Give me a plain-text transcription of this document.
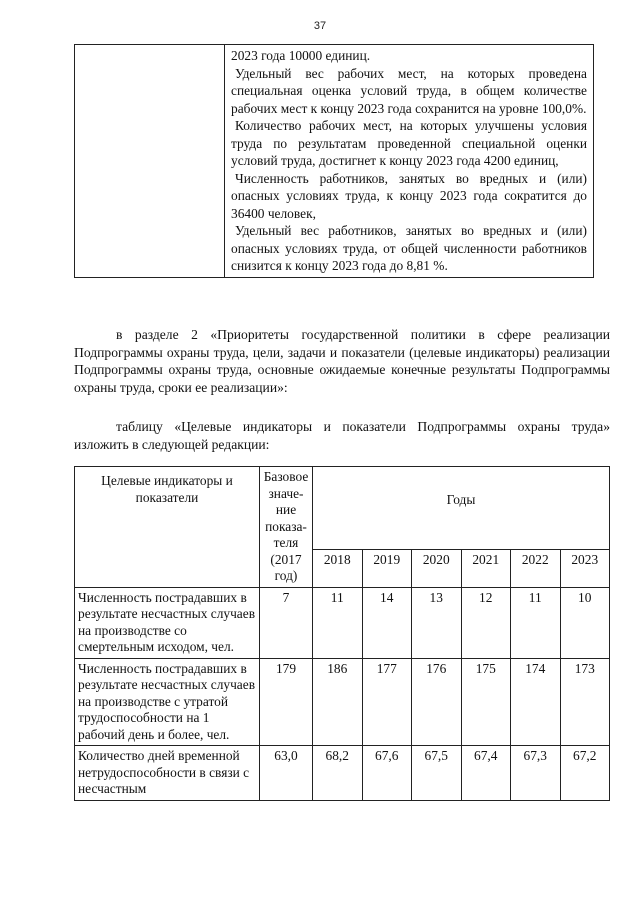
37

2023 года 10000 единиц.

Удельный вес рабочих мест, на которых проведена специальная оценка условий труда, в общем количестве рабочих мест к концу 2023 года сохранится на уровне 100,0%.

Количество рабочих мест, на которых улучшены условия труда по результатам проведенной специальной оценки условий труда, достигнет к концу 2023 года 4200 единиц,

Численность работников, занятых во вредных и (или) опасных условиях труда, к концу 2023 года сократится до 36400 человек,

Удельный вес работников, занятых во вредных и (или) опасных условиях труда, от общей численности работников снизится к концу 2023 года до 8,81 %.

в разделе 2 «Приоритеты государственной политики в сфере реализации Подпрограммы охраны труда, цели, задачи и показатели (целевые индикаторы) реализации Подпрограммы охраны труда, основные ожидаемые конечные результаты Подпрограммы охраны труда, сроки ее реализации»:

таблицу «Целевые индикаторы и показатели Подпрограммы охраны труда» изложить в следующей редакции:

Целевые индикаторы и показатели	Базовое значе-ние показа-теля (2017 год)	Годы					
		2018	2019	2020	2021	2022	2023
Численность пострадавших в результате несчастных случаев на производстве со смертельным исходом, чел.	7	11	14	13	12	11	10
Численность пострадавших в результате несчастных случаев на производстве с утратой трудоспособности на 1 рабочий день и более, чел.	179	186	177	176	175	174	173
Количество дней временной нетрудоспособности в связи с несчастным	63,0	68,2	67,6	67,5	67,4	67,3	67,2
